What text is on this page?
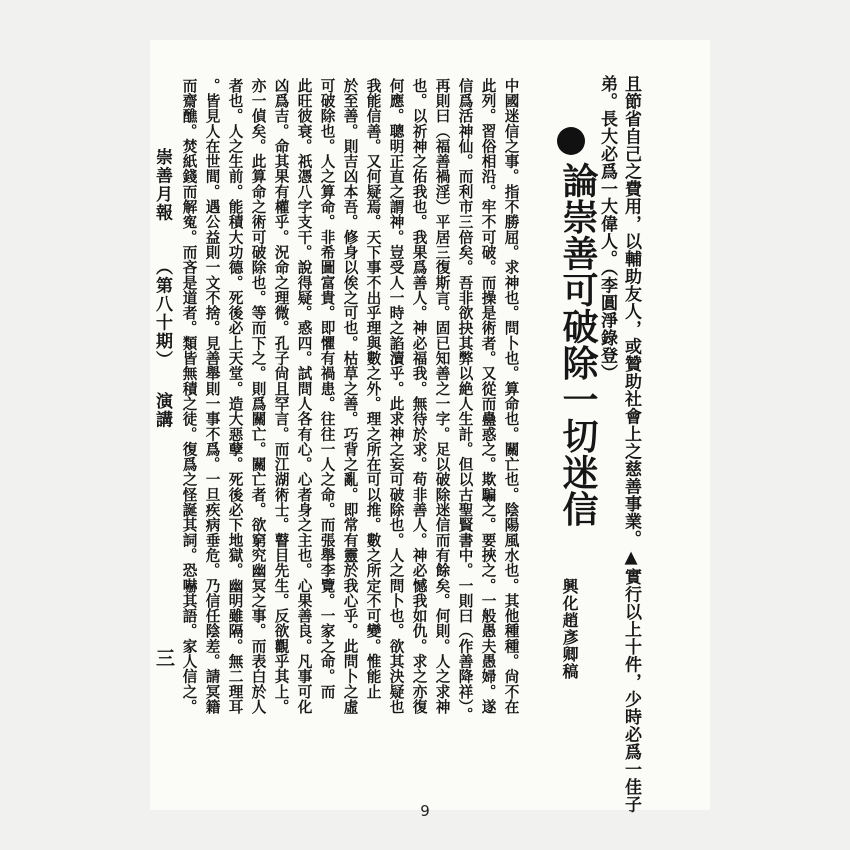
且節省自己之費用，以輔助友人，或贊助社會上之慈善事業。▲實行以上十件，少時必爲一佳子
弟。長大必爲一大偉人。（李圓淨錄登）
論崇善可破除一切迷信
興化趙彥卿稿
中國迷信之事。指不勝屈。求神也。問卜也。算命也。關亡也。陰陽風水也。其他種種。尙不在
此列。習俗相沿。牢不可破。而操是術者。又從而蠱惑之。欺騙之。要挾之。一般愚夫愚婦。遂
信爲活神仙。而利市三倍矣。吾非欲抉其弊以絶人生計。但以古聖賢書中。一則曰（作善降祥）。
再則曰（福善禍淫）平居三復斯言。固已知善之一字。足以破除迷信而有餘矣。何則。人之求神
也。以祈神之佑我也。我果爲善人。神必福我。無待於求。苟非善人。神必憾我如仇。求之亦復
何應。聰明正直之謂神。豈受人一時之諂瀆乎。此求神之妄可破除也。人之問卜也。欲其決疑也
我能信善。又何疑焉。天下事不出乎理與數之外。理之所在可以推。數之所定不可變。惟能止
於至善。則吉凶本吾。修身以俟之可也。枯草之善。巧背之亂。即常有靈於我心乎。此問卜之虛
可破除也。人之算命。非希圖富貴。即懼有禍患。往往一人之命。而張舉李覽。一家之命。而
此旺彼衰。祇憑八字支干。說得疑。惑四。試問人各有心。心者身之主也。心果善良。凡事可化
凶爲吉。命其果有權乎。況命之理微。孔子尙且罕言。而江湖術士。瞽目先生。反欲觀乎其上。
亦一偵矣。此算命之術可破除也。等而下之。則爲關亡。關亡者。欲窮究幽冥之事。而表白於人
者也。人之生前。能積大功德。死後必上天堂。造大惡孽。死後必下地獄。幽明雖隔。無二理耳
。皆見人在世間。遇公益則一文不捨。見善舉則一事不爲。一旦疾病垂危。乃信任陰差。請冥籍
而齋醮。焚紙錢而解寃。而吝是道者。類皆無積之徒。復爲之怪誕其詞。恐嚇其語。家人信之。
崇善月報
（第八十期）
演講
三
9
